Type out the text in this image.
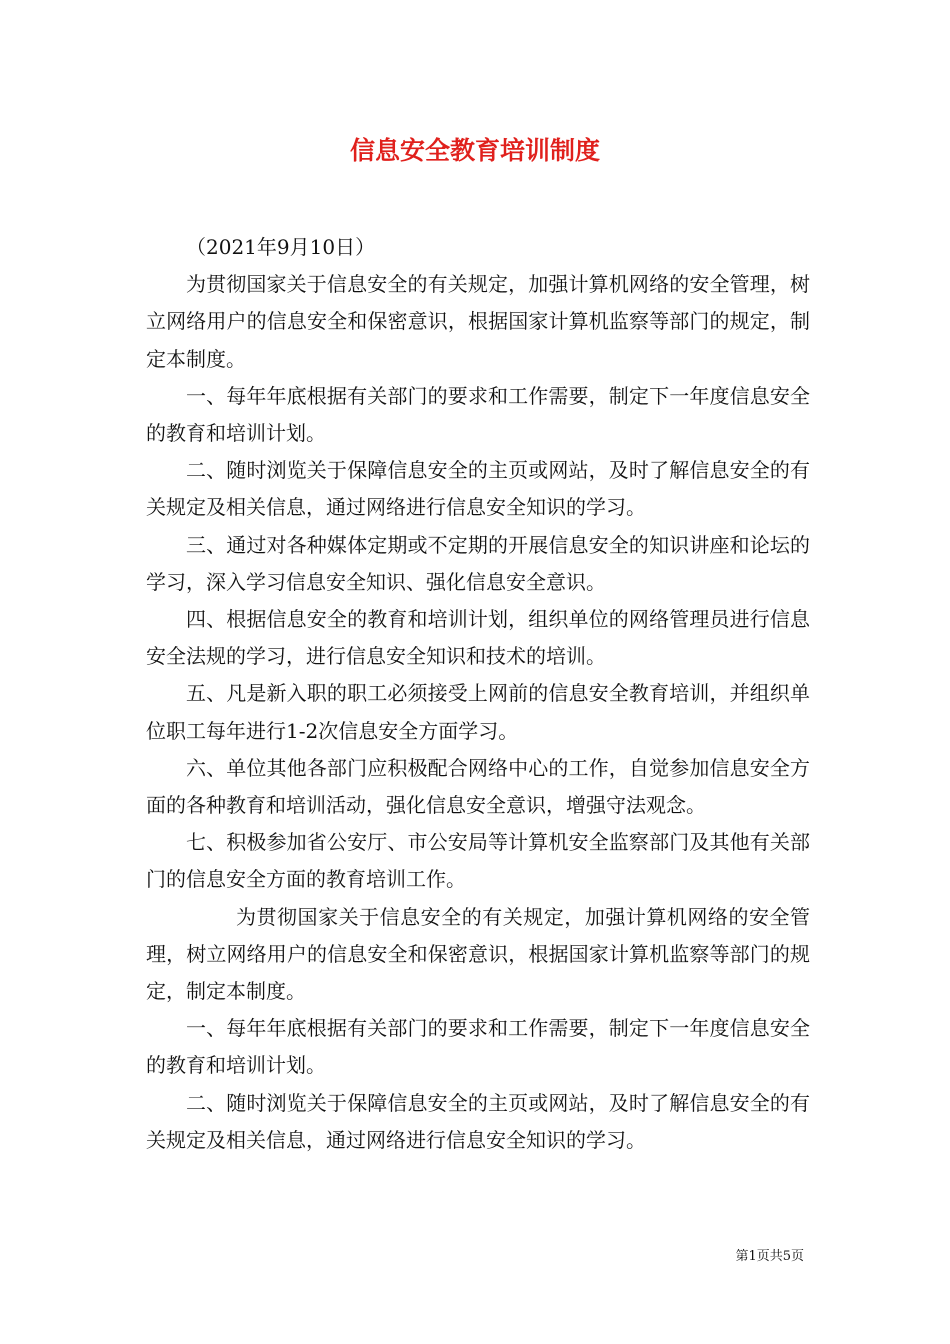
信息安全教育培训制度

（2021年9月10日）

为贯彻国家关于信息安全的有关规定，加强计算机网络的安全管理，树立网络用户的信息安全和保密意识，根据国家计算机监察等部门的规定，制定本制度。

一、每年年底根据有关部门的要求和工作需要，制定下一年度信息安全的教育和培训计划。

二、随时浏览关于保障信息安全的主页或网站，及时了解信息安全的有关规定及相关信息，通过网络进行信息安全知识的学习。

三、通过对各种媒体定期或不定期的开展信息安全的知识讲座和论坛的学习，深入学习信息安全知识、强化信息安全意识。

四、根据信息安全的教育和培训计划，组织单位的网络管理员进行信息安全法规的学习，进行信息安全知识和技术的培训。

五、凡是新入职的职工必须接受上网前的信息安全教育培训，并组织单位职工每年进行1-2次信息安全方面学习。

六、单位其他各部门应积极配合网络中心的工作，自觉参加信息安全方面的各种教育和培训活动，强化信息安全意识，增强守法观念。

七、积极参加省公安厅、市公安局等计算机安全监察部门及其他有关部门的信息安全方面的教育培训工作。

为贯彻国家关于信息安全的有关规定，加强计算机网络的安全管理，树立网络用户的信息安全和保密意识，根据国家计算机监察等部门的规定，制定本制度。

一、每年年底根据有关部门的要求和工作需要，制定下一年度信息安全的教育和培训计划。

二、随时浏览关于保障信息安全的主页或网站，及时了解信息安全的有关规定及相关信息，通过网络进行信息安全知识的学习。

第1页共5页
